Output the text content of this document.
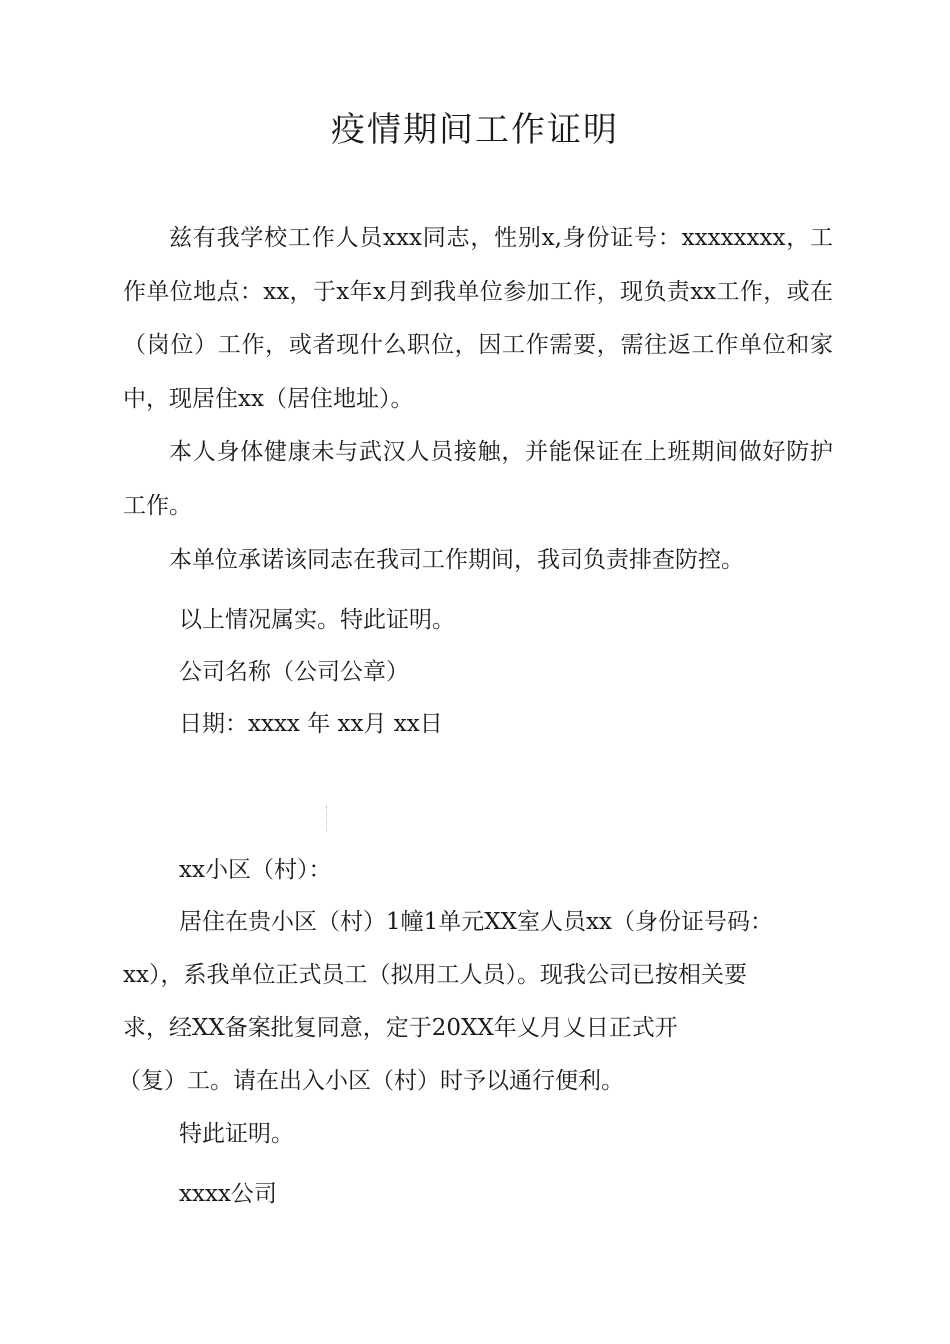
疫情期间工作证明

兹有我学校工作人员xxx同志，性别x,身份证号：xxxxxxxx，工作单位地点：xx，于x年x月到我单位参加工作，现负责xx工作，或在（岗位）工作，或者现什么职位，因工作需要，需往返工作单位和家中，现居住xx（居住地址）。

本人身体健康未与武汉人员接触，并能保证在上班期间做好防护工作。

本单位承诺该同志在我司工作期间，我司负责排查防控。

以上情况属实。特此证明。

公司名称（公司公章）

日期：xxxx 年 xx月 xx日

xx小区（村）：

居住在贵小区（村）1幢1单元XX室人员xx（身份证号码：

xx），系我单位正式员工（拟用工人员）。现我公司已按相关要

求，经XX备案批复同意，定于20XX年乂月乂日正式开

（复）工。请在出入小区（村）时予以通行便利。

特此证明。

xxxx公司
